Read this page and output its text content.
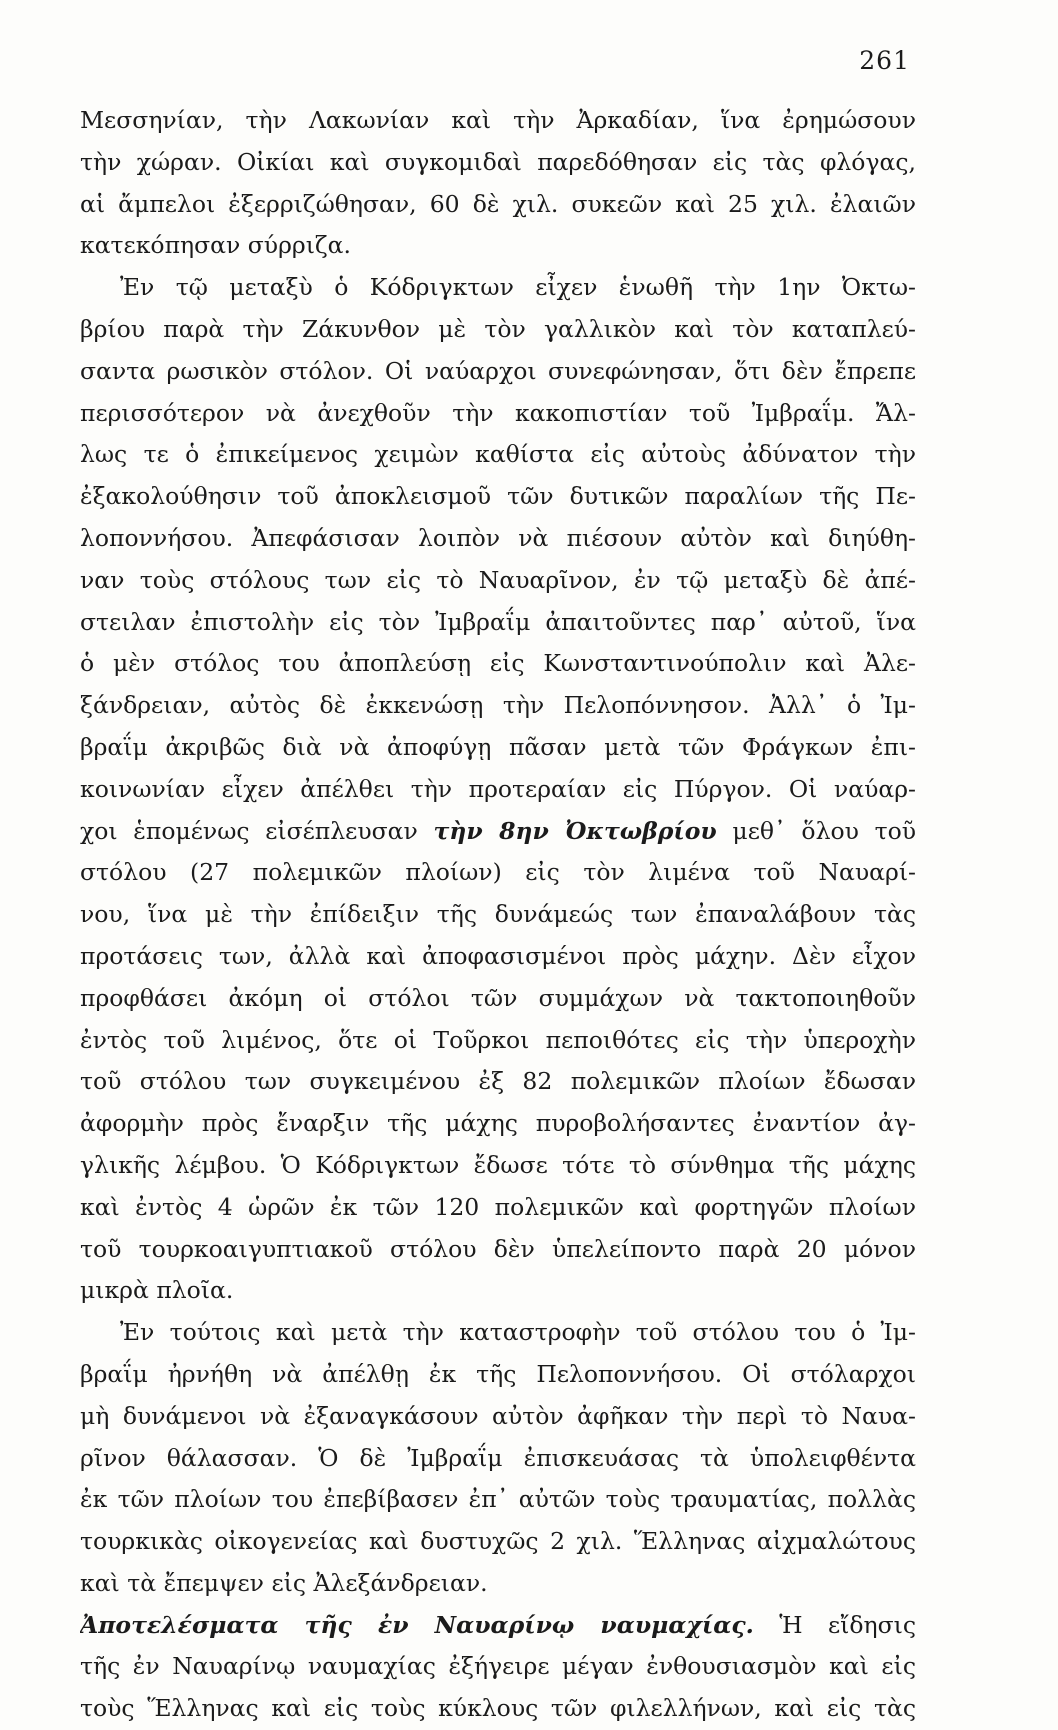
261
Μεσσηνίαν, τὴν Λακωνίαν καὶ τὴν Ἀρκαδίαν, ἵνα ἐρημώσουν
τὴν χώραν. Οἰκίαι καὶ συγκομιδαὶ παρεδόθησαν εἰς τὰς φλόγας,
αἱ ἄμπελοι ἐξερριζώθησαν, 60 δὲ χιλ. συκεῶν καὶ 25 χιλ. ἐλαιῶν
κατεκόπησαν σύρριζα.
Ἐν τῷ μεταξὺ ὁ Κόδριγκτων εἶχεν ἑνωθῆ τὴν 1ην Ὀκτω-
βρίου παρὰ τὴν Ζάκυνθον μὲ τὸν γαλλικὸν καὶ τὸν καταπλεύ-
σαντα ρωσικὸν στόλον. Οἱ ναύαρχοι συνεφώνησαν, ὅτι δὲν ἔπρεπε
περισσότερον νὰ ἀνεχθοῦν τὴν κακοπιστίαν τοῦ Ἰμβραΐμ. Ἄλ-
λως τε ὁ ἐπικείμενος χειμὼν καθίστα εἰς αὐτοὺς ἀδύνατον τὴν
ἐξακολούθησιν τοῦ ἀποκλεισμοῦ τῶν δυτικῶν παραλίων τῆς Πε-
λοποννήσου. Ἀπεφάσισαν λοιπὸν νὰ πιέσουν αὐτὸν καὶ διηύθη-
ναν τοὺς στόλους των εἰς τὸ Ναυαρῖνον, ἐν τῷ μεταξὺ δὲ ἀπέ-
στειλαν ἐπιστολὴν εἰς τὸν Ἰμβραΐμ ἀπαιτοῦντες παρ᾽ αὐτοῦ, ἵνα
ὁ μὲν στόλος του ἀποπλεύσῃ εἰς Κωνσταντινούπολιν καὶ Ἀλε-
ξάνδρειαν, αὐτὸς δὲ ἐκκενώσῃ τὴν Πελοπόννησον. Ἀλλ᾽ ὁ Ἰμ-
βραΐμ ἀκριβῶς διὰ νὰ ἀποφύγῃ πᾶσαν μετὰ τῶν Φράγκων ἐπι-
κοινωνίαν εἶχεν ἀπέλθει τὴν προτεραίαν εἰς Πύργον. Οἱ ναύαρ-
χοι ἑπομένως εἰσέπλευσαν τὴν 8ην Ὀκτωβρίου μεθ᾽ ὅλου τοῦ
στόλου (27 πολεμικῶν πλοίων) εἰς τὸν λιμένα τοῦ Ναυαρί-
νου, ἵνα μὲ τὴν ἐπίδειξιν τῆς δυνάμεώς των ἐπαναλάβουν τὰς
προτάσεις των, ἀλλὰ καὶ ἀποφασισμένοι πρὸς μάχην. Δὲν εἶχον
προφθάσει ἀκόμη οἱ στόλοι τῶν συμμάχων νὰ τακτοποιηθοῦν
ἐντὸς τοῦ λιμένος, ὅτε οἱ Τοῦρκοι πεποιθότες εἰς τὴν ὑπεροχὴν
τοῦ στόλου των συγκειμένου ἐξ 82 πολεμικῶν πλοίων ἔδωσαν
ἀφορμὴν πρὸς ἔναρξιν τῆς μάχης πυροβολήσαντες ἐναντίον ἀγ-
γλικῆς λέμβου. Ὁ Κόδριγκτων ἔδωσε τότε τὸ σύνθημα τῆς μάχης
καὶ ἐντὸς 4 ὡρῶν ἐκ τῶν 120 πολεμικῶν καὶ φορτηγῶν πλοίων
τοῦ τουρκοαιγυπτιακοῦ στόλου δὲν ὑπελείποντο παρὰ 20 μόνον
μικρὰ πλοῖα.
Ἐν τούτοις καὶ μετὰ τὴν καταστροφὴν τοῦ στόλου του ὁ Ἰμ-
βραΐμ ἠρνήθη νὰ ἀπέλθῃ ἐκ τῆς Πελοποννήσου. Οἱ στόλαρχοι
μὴ δυνάμενοι νὰ ἐξαναγκάσουν αὐτὸν ἀφῆκαν τὴν περὶ τὸ Ναυα-
ρῖνον θάλασσαν. Ὁ δὲ Ἰμβραΐμ ἐπισκευάσας τὰ ὑπολειφθέντα
ἐκ τῶν πλοίων του ἐπεβίβασεν ἐπ᾽ αὐτῶν τοὺς τραυματίας, πολλὰς
τουρκικὰς οἰκογενείας καὶ δυστυχῶς 2 χιλ. Ἕλληνας αἰχμαλώτους
καὶ τὰ ἔπεμψεν εἰς Ἀλεξάνδρειαν.
Ἀποτελέσματα τῆς ἐν Ναυαρίνῳ ναυμαχίας. Ἡ εἴδησις
τῆς ἐν Ναυαρίνῳ ναυμαχίας ἐξήγειρε μέγαν ἐνθουσιασμὸν καὶ εἰς
τοὺς Ἕλληνας καὶ εἰς τοὺς κύκλους τῶν φιλελλήνων, καὶ εἰς τὰς
